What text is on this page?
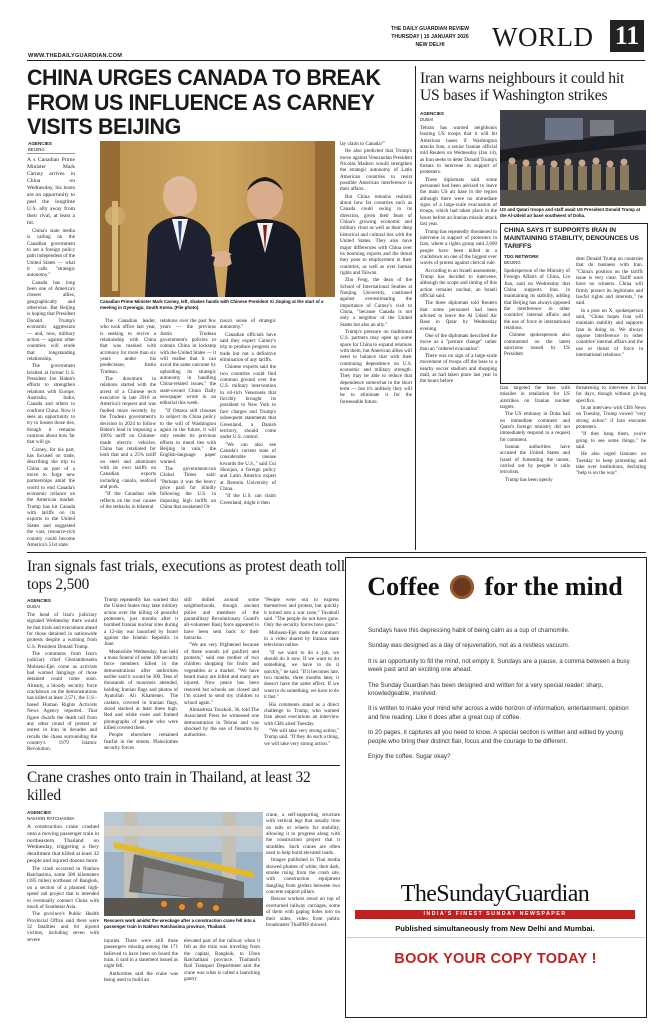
WWW.THEDAILYGUARDIAN.COM
THE DAILY GUARDIAN REVIEW
THURSDAY | 15 JANUARY 2026
NEW DELHI	WORLD 11
CHINA URGES CANADA TO BREAK FROM US INFLUENCE AS CARNEY VISITS BEIJING
AGENCIES
BEIJING

A s Canadian Prime Minister Mark Carney arrives in China on Wednesday, his hosts are on opportunity to peel the longtime U.S. ally away from their rival, at least a bit.

China's state media is calling on the Canadian government to set a foreign policy path independent of the United States — what it calls "strategic autonomy."

Canada has long been one of America's closest allies, geographically and otherwise. But Beijing is hoping that President Donald Trump's economic aggression — and, now, military action — against other countries will erode that longstanding relationship.

The government bristled at former U.S. President Joe Biden's efforts to strengthen relations with Europe, Australia, India, Canada and others to confront China. Now it sees an opportunity to try to loosen those ties, though it remains cautious about how far that will go.

Carney, for his part, has focused on trade, describing the trip to China as part of a move to forge new partnerships amid the world to end Canada's economic reliance on the American market. Trump has hit Canada with tariffs on its exports to the United States and suggested the vast, resource-rich country could become America's 51st state.

Canadian Prime Minister Mark Carney, left, shakes hands with Chinese President Xi Jinping at the start of a meeting in Gyeongju, South Korea. (File photo)

The Canadian leader, who took office last year, is seeking to revive a relationship with China that was marked with acrimony for more than six years under his predecessor, Justin Trudeau.

The downturn in relations started with the arrest of a Chinese tech executive in late 2018 at America's request and was fuelled more recently by the Trudeau government's decision in 2024 to follow Biden's lead in imposing a 100% tariff on Chinese-made electric vehicles. China has retaliated for both that and a 25% tariff on steel and aluminum with its own tariffs on Canadian exports including canola, seafood and pork.

"If the Canadian side reflects on the root causes of the setbacks in bilateral

relations over the past few years — the previous Justin Trudeau government's policies to contain China in lockstep with the United States — it will realise that it can avoid the same outcome by upholding its strategic autonomy in handling China-related issues," the state-owned China Daily newspaper wrote in an editorial this week.

"If Ottawa still chooses to subject its China policy to the will of Washington again in the future, it will only render its previous efforts to mend ties with Beijing in vain," the English-language paper warned.

The government-run Global Times said: "Perhaps it was the heavy price paid for blindly following the U.S. in imposing high tariffs on China that awakened Ot-

tawa's sense of strategic autonomy."

Canadian officials have said they expect Carney's trip to produce progress on trade but not a definitive elimination of any tariffs.

Chinese experts said the two countries could find common ground over the U.S. military intervention in oil-rich Venezuela that forcibly brought its president to New York to face charges and Trump's subsequent statements that Greenland, a Danish territory, should come under U.S. control.

"We can also see Canada's current state of considerable unease towards the U.S.," said Cui Shoujun, a foreign policy and Latin America expert at Renmin University of China.

"If the U.S. can claim Greenland, might it then

lay claim to Canada?"

He also predicted that Trump's move against Venezuelan President Nicolás Maduro would strengthen the strategic autonomy of Latin American countries to resist possible American interference in their affairs.

But China remains realistic about how far countries such as Canada could swing in its direction, given their fears of China's growing economic and military clout as well as their deep historical and cultural ties with the United States. They also have major differences with China over its booming exports and the threat they pose to employment in their countries, as well as over human rights and Taiwan.

Zhu Feng, the dean of the School of International Studies at Nanjing University, cautioned against overestimating the importance of Carney's visit to China, "because Canada is not only a neighbor of the United States but also an ally."

Trump's pressure on traditional U.S. partners may open up some space for China to expand relations with them, but American allies will need to balance that with their continuing dependence on U.S. economic and military strength. They may be able to reduce that dependence somewhat in the short term — but it's unlikely they will be to eliminate it for the foreseeable future.

Iran warns neighbours it could hit US bases if Washington strikes
AGENCIES
DUBAI

Tehran has warned neighbours hosting US troops that it will hit American bases if Washington attacks Iran, a senior Iranian official told Reuters on Wednesday (Jan 14), as Iran seeks to deter Donald Trump's threats to intervene in support of protesters.

Three diplomats said some personnel had been advised to leave the main US air base in the region although there were no immediate signs of a large-scale evacuation of troops, which had taken place in the hours before an Iranian missile attack last year.

Trump has repeatedly threatened to intervene in support of protesters in Iran, where a rights group said 2,600 people have been killed in a crackdown on one of the biggest ever waves of protest against clerical rule.

According to an Israeli assessment, Trump has decided to intervene, although the scope and timing of this action remains unclear, an Israeli official said.

The three diplomats told Reuters that some personnel had been advised to leave the Al Udeid Air Base in Qatar by Wednesday evening.

One of the diplomats described the move as a "posture change" rather than an "ordered evacuation".

There was no sign of a large-scale movement of troops off the base to a nearby soccer stadium and shopping mall, as had taken place last year in the hours before

US and Qatari troops and staff await US President Donald Trump at the Al-Udeid air base southwest of Doha.
CHINA SAYS IT SUPPORTS IRAN IN MAINTAINING STABILITY, DENOUNCES US TARIFFS
TDG NETWORK
BEIJING

Spokesperson of the Ministry of Foreign Affairs of China, Lin Jian, said on Wednesday that China supports Iran in maintaining its stability, adding that Beijing has always opposed the interference in other countries' internal affairs and the use of force in international relations.

Chinese spokesperson also commented on the latest sanctions issued by US President

dent Donald Trump on countries that do business with Iran. "China's position on the tariffs issue is very clear. Tariff wars have no winners. China will firmly protect its legitimate and lawful rights and interests," he said.

In a post on X, spokesperson said, "China hopes Iran will maintain stability and supports Iran in doing so. We always oppose interference in other countries' internal affairs and the use or threat of force in international relations."

Iran targeted the base with missiles in retaliation for US airstrikes on Iranian nuclear targets.

The US embassy in Doha had no immediate comment and Qatar's foreign ministry did not immediately respond to a request for comment.

Iranian authorities have accused the United States and Israel of fomenting the unrest, carried out by people it calls terrorists.

Trump has been openly

threatening to intervene in Iran for days, though without giving specifics.

In an interview with CBS News on Tuesday, Trump vowed "very strong action" if Iran executes protesters.

"If they hang them, you're going to see some things," he said.

He also urged Iranians on Tuesday to keep protesting and take over institutions, declaring "help is on the way".

Iran signals fast trials, executions as protest death toll tops 2,500
AGENCIES
DUBAI

The head of Iran's judiciary signaled Wednesday there would be fast trials and executions ahead for those detained in nationwide protests despite a warning from U.S. President Donald Trump.

The comments from Iran's judiciary chief Gholamhossein Mohseni-Ejei come as activists had warned hangings of those detained could come soon. Already, a bloody security force crackdown on the demonstrations has killed at least 2,571, the U.S.-based Human Rights Activists News Agency reported. That figure dwarfs the death toll from any other round of protest or unrest in Iran in decades and recalls the chaos surrounding the country's 1979 Islamic Revolution.

Trump repeatedly has warned that the United States may take military action over the killing of peaceful protesters, just months after it bombed Iranian nuclear sites during a 12-day war launched by Israel against the Islamic Republic in June.

Meanwhile Wednesday, Iran held a mass funeral of some 100 security force members killed in the demonstrations after authorities earlier said it would be 300. Tens of thousands of mourners attended, holding Iranian flags and photos of Ayatollah Ali Khamenei. The caskets, covered in Iranian flags, stood stacked at least three high. Red and white roses and framed photographs of people who were killed covered them.

People elsewhere remained fearful in the streets. Plainclothes security forces

still milled around some neighborhoods, though ancient police and members of the paramilitary Revolutionary Guard's all-volunteer Basij force appeared to have been sent back to their barracks.

"We are very frightened because of these sounds (of gunfire) and protests," said one mother of two children shopping for fruits and vegetables at a market. "We have heard many are killed and many are injured. Now peace has been restored but schools are closed and I'm scared to send my children to school again."

Ahmadreza Tavakoli, 36, told The Associated Press he witnessed one demonstration in Tehran and was shocked by the use of firearms by authorities.

"People were out to express themselves and protest, but quickly it turned into a war zone," Tavakoli said. "The people do not have guns. Only the security forces have guns."

Mohseni-Ejei made the comment in a video shared by Iranian state television online.

"If we want to do a job, we should do it now. If we want to do something, we have to do it quickly," he said. "If it becomes late, two months, three months later, it doesn't have the same effect. If we want to do something, we have to do it fast."

His comments stand as a direct challenge to Trump, who warned Iran about executions an interview with CBS aired Tuesday.

"We will take very strong action," Trump said. "If they do such a thing, we will take very strong action."

Crane crashes onto train in Thailand, at least 32 killed
AGENCIES
NAKHON RATCHASIMA

A construction crane crashed onto a moving passenger train in northeastern Thailand on Wednesday, triggering a fiery derailment that killed at least 32 people and injured dozens more.

The crash occurred in Nakhon Ratchasima, some 300 kilometers (185 miles) northeast of Bangkok, on a section of a planned high-speed rail project that is intended to eventually connect China with much of Southeast Asia.

The province's Public Health Provincial Office said there were 32 fatalities and 64 injured victims, including seven with severe

Rescuers work amidst the wreckage after a construction crane fell into a passenger train in Nakhon Ratchasima province, Thailand.

injuries. There were still three passengers missing among the 171 believed to have been on board the train, it said in a statement issued as night fell.

Authorities said the crane was being used to build an

elevated part of the railway when it fell as the train was traveling from the capital, Bangkok, to Ubon Ratchathani province. Thailand's Rail Transport Department said the crane was what is called a launching gantry

crane, a self-supporting structure with vertical legs that usually runs on rails or wheels for mobility, allowing it to progress along with the construction project that it straddles. Such cranes are often used to help build elevated roads.

Images published in Thai media showed plumes of white, then dark, smoke rising from the crash site, with construction equipment dangling from girders between two concrete support pillars.

Rescue workers stood on top of overturned railway carriages, some of them with gaping holes torn on their sides, video from public broadcaster ThaiPBS showed.

Coffee for the mind

Sundays have this depressing habit of being calm as a cup of chamomile.

Sunday was designed as a day of rejuvenation, not as a restless vacuum.

It is an opportunity to fill the mind, not empty it. Sundays are a pause, a comma between a busy week past and an exciting one ahead.

The Sunday Guardian has been designed and written for a very special reader: sharp, knowledgeable, involved.

It is written to make your mind whir across a wide horizon of information, entertainment, opinion and fine reading. Like it does after a great cup of coffee.

In 20 pages, it captures all you need to know. A special section is written and edited by young people who bring their distinct flair, focus and the courage to be different.

Enjoy the coffee. Sugar okay?

TheSundayGuardian
INDIA'S FINEST SUNDAY NEWSPAPER
Published simultaneously from New Delhi and Mumbai.
BOOK YOUR COPY TODAY !
